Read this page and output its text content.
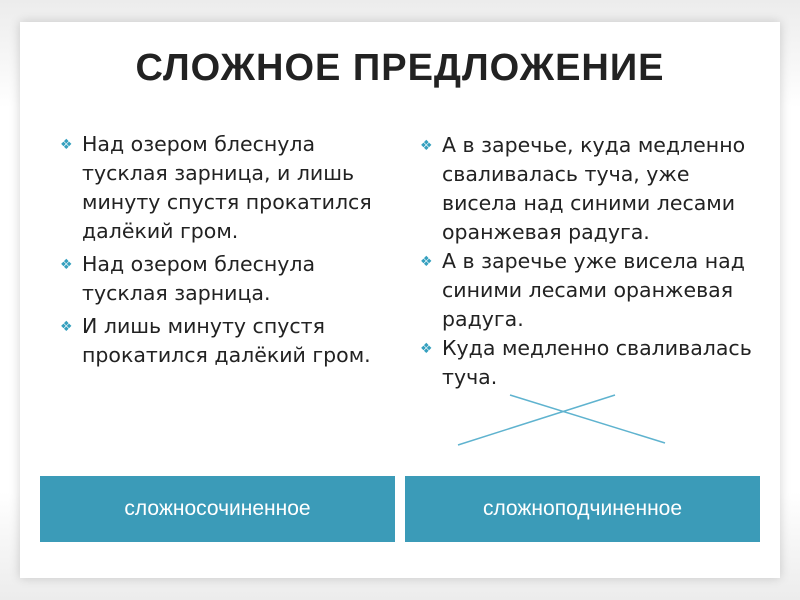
СЛОЖНОЕ ПРЕДЛОЖЕНИЕ
❖ Над озером блеснула тусклая зарница, и лишь минуту спустя прокатился далёкий гром.
❖ Над озером блеснула тусклая зарница.
❖ И лишь минуту спустя прокатился далёкий гром.
❖ А в заречье, куда медленно сваливалась туча, уже висела над синими лесами оранжевая радуга.
❖ А в заречье уже висела над синими лесами оранжевая радуга.
❖ Куда медленно сваливалась туча.
сложносочиненное	сложноподчиненное
